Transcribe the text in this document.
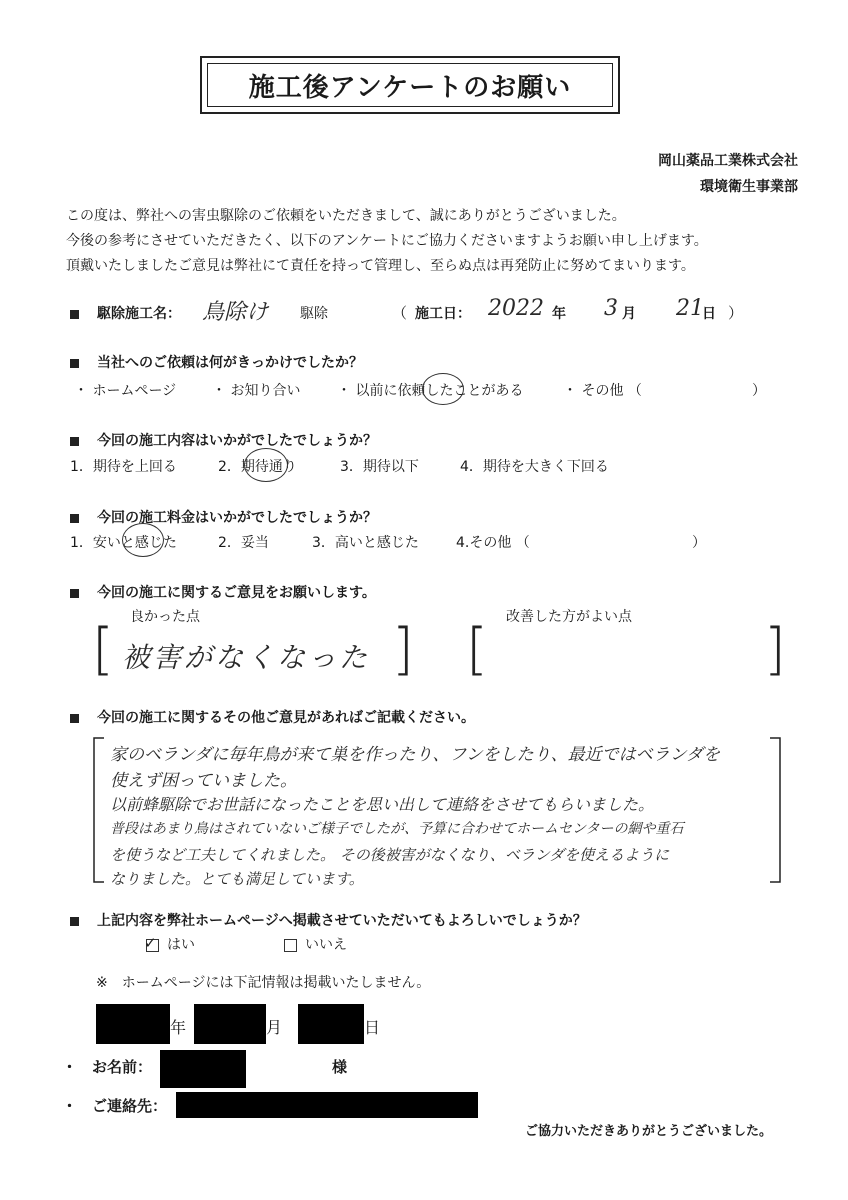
施工後アンケートのお願い
岡山薬品工業株式会社
環境衛生事業部
この度は、弊社への害虫駆除のご依頼をいただきまして、誠にありがとうございました。
今後の参考にさせていただきたく、以下のアンケートにご協力くださいますようお願い申し上げます。
頂戴いたしましたご意見は弊社にて責任を持って管理し、至らぬ点は再発防止に努めてまいります。
駆除施工名： 鳥除け 駆除	（ 施工日： 2022 年 3 月 21
日 ）
当社へのご依頼は何がきっかけでしたか？
・ ホームページ	・ お知り合い	・ 以前に依頼したことがある	・ その他 （	）
今回の施工内容はいかがでしたでしょうか？
1．期待を上回る	2．期待通り	3．期待以下	4．期待を大きく下回る
今回の施工料金はいかがでしたでしょうか？
1．安いと感じた	2．妥当	3．高いと感じた	4.その他 （	）
今回の施工に関するご意見をお願いします。
良かった点	改善した方がよい点
[ 被害がなくなった ] [	]
今回の施工に関するその他ご意見があればご記載ください。
家のベランダに毎年鳥が来て巣を作ったり、フンをしたり、最近ではベランダを
使えず困っていました。
以前蜂駆除でお世話になったことを思い出して連絡をさせてもらいました。
普段はあまり鳥はされていないご様子でしたが、予算に合わせてホームセンターの網や重石
を使うなど工夫してくれました。 その後被害がなくなり、ベランダを使えるように
なりました。とても満足しています。
上記内容を弊社ホームページへ掲載させていただいてもよろしいでしょうか？
✓ はい	いいえ
※　ホームページには下記情報は掲載いたしません。
年	月	日
・　お名前：	様
・　ご連絡先：
ご協力いただきありがとうございました。
